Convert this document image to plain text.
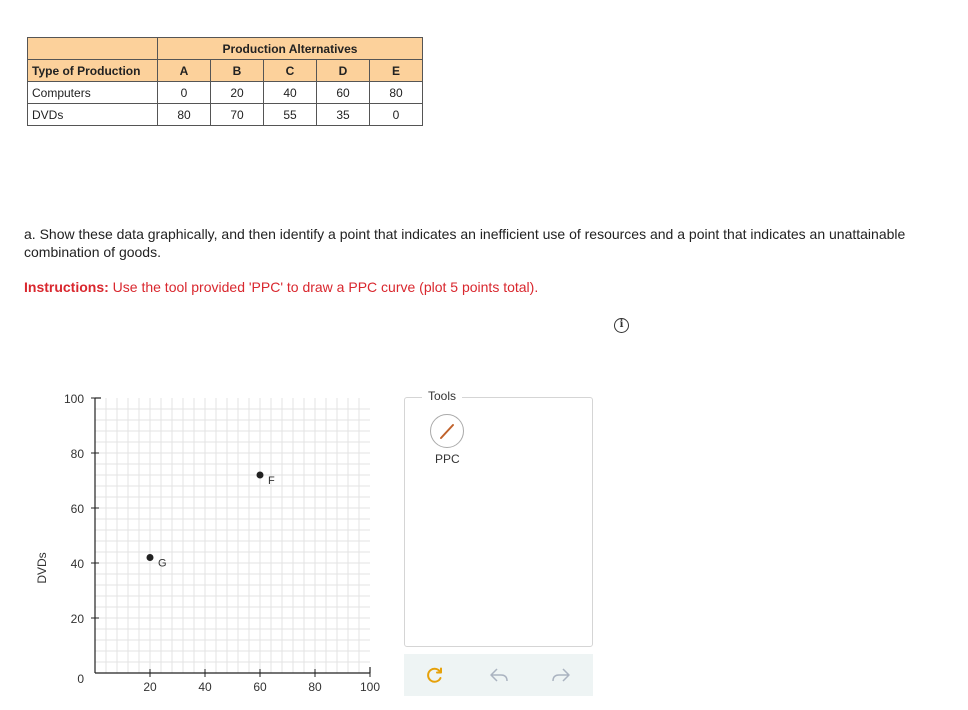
	Production Alternatives				
Type of Production	A	B	C	D	E
Computers	0	20	40	60	80
DVDs	80	70	55	35	0
a. Show these data graphically, and then identify a point that indicates an inefficient use of resources and a point that indicates an unattainable combination of goods.
Instructions: Use the tool provided 'PPC' to draw a PPC curve (plot 5 points total).
i
0
20
40
60
80
100
20	40	60	80	100
DVDs
F
G
Tools
PPC
